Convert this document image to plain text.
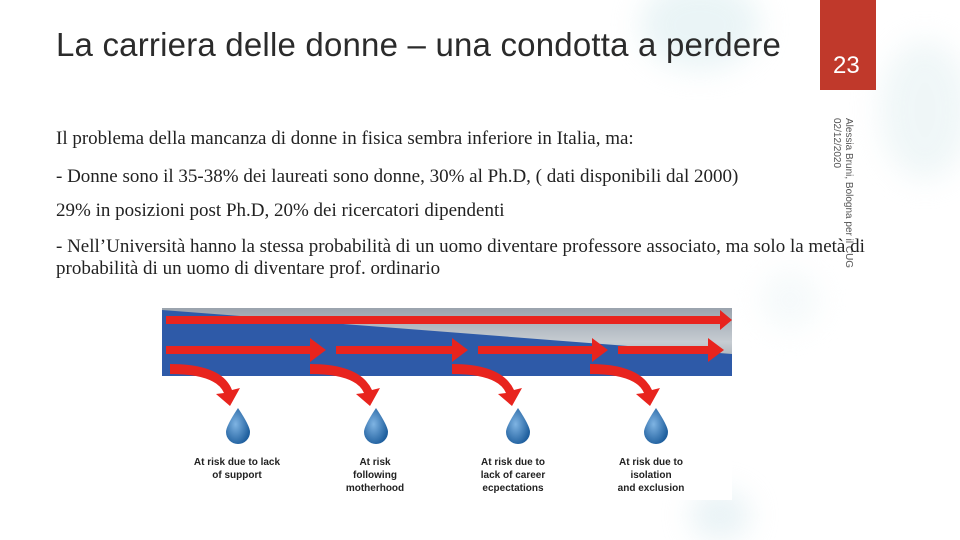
La carriera delle donne – una condotta a perdere
23
Alessia Bruni, Bologna per il CUG
02/12/2020
Il problema della mancanza di donne in fisica sembra inferiore in Italia, ma:
- Donne sono il 35-38% dei laureati sono donne, 30% al Ph.D, ( dati disponibili dal 2000)
29% in posizioni post Ph.D, 20% dei ricercatori dipendenti
- Nell’Università hanno la stessa probabilità di un uomo diventare professore associato, ma solo la metà di probabilità di un uomo di diventare prof. ordinario
At risk due to lack
of support
At risk
following
motherhood
At risk due to
lack of career
ecpectations
At risk due to
isolation
and exclusion
